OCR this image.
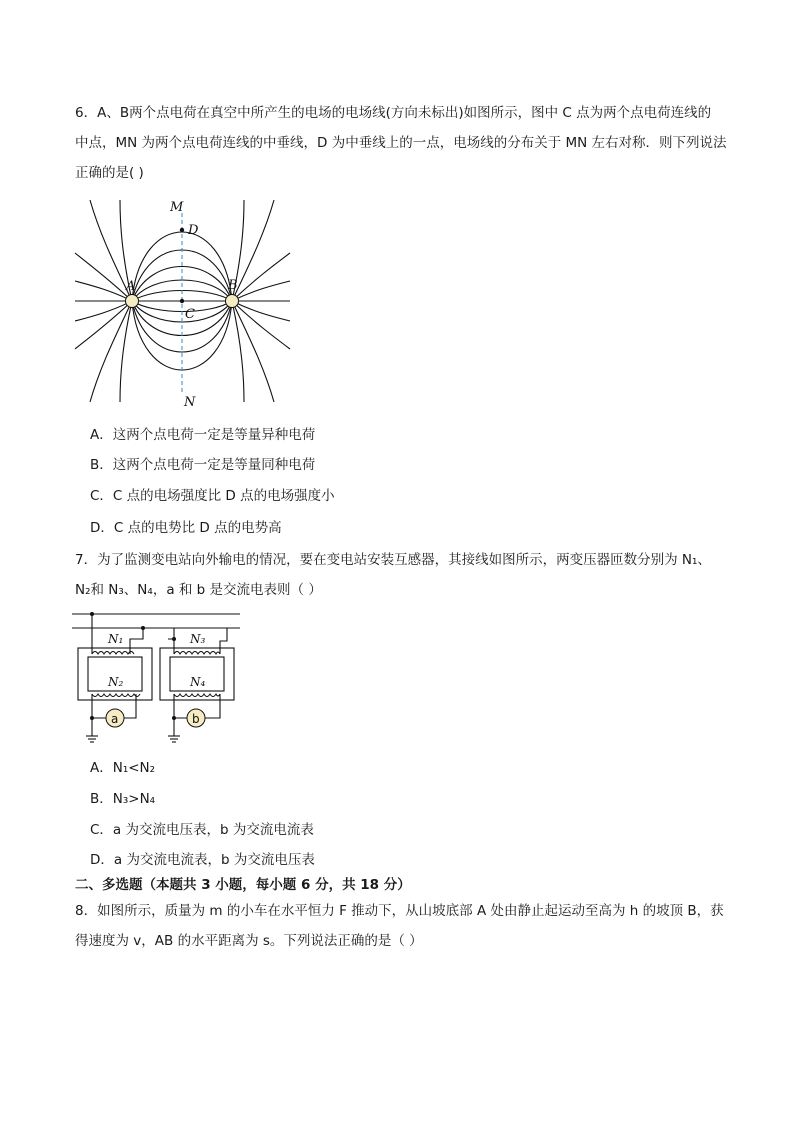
6．A、B两个点电荷在真空中所产生的电场的电场线(方向未标出)如图所示，图中 C 点为两个点电荷连线的
中点，MN 为两个点电荷连线的中垂线，D 为中垂线上的一点，电场线的分布关于 MN 左右对称．则下列说法
正确的是( )
M
D
A	B
C
N
A．这两个点电荷一定是等量异种电荷
B．这两个点电荷一定是等量同种电荷
C．C 点的电场强度比 D 点的电场强度小
D．C 点的电势比 D 点的电势高
7．为了监测变电站向外输电的情况，要在变电站安装互感器，其接线如图所示，两变压器匝数分别为 N₁、
N₂和 N₃、N₄，a 和 b 是交流电表则（ ）
a	b
N₁
N₂
N₃
N₄
A．N₁<N₂
B．N₃>N₄
C．a 为交流电压表，b 为交流电流表
D．a 为交流电流表，b 为交流电压表
二、多选题（本题共 3 小题，每小题 6 分，共 18 分）
8．如图所示，质量为 m 的小车在水平恒力 F 推动下，从山坡底部 A 处由静止起运动至高为 h 的坡顶 B，获
得速度为 v，AB 的水平距离为 s。下列说法正确的是（ ）
